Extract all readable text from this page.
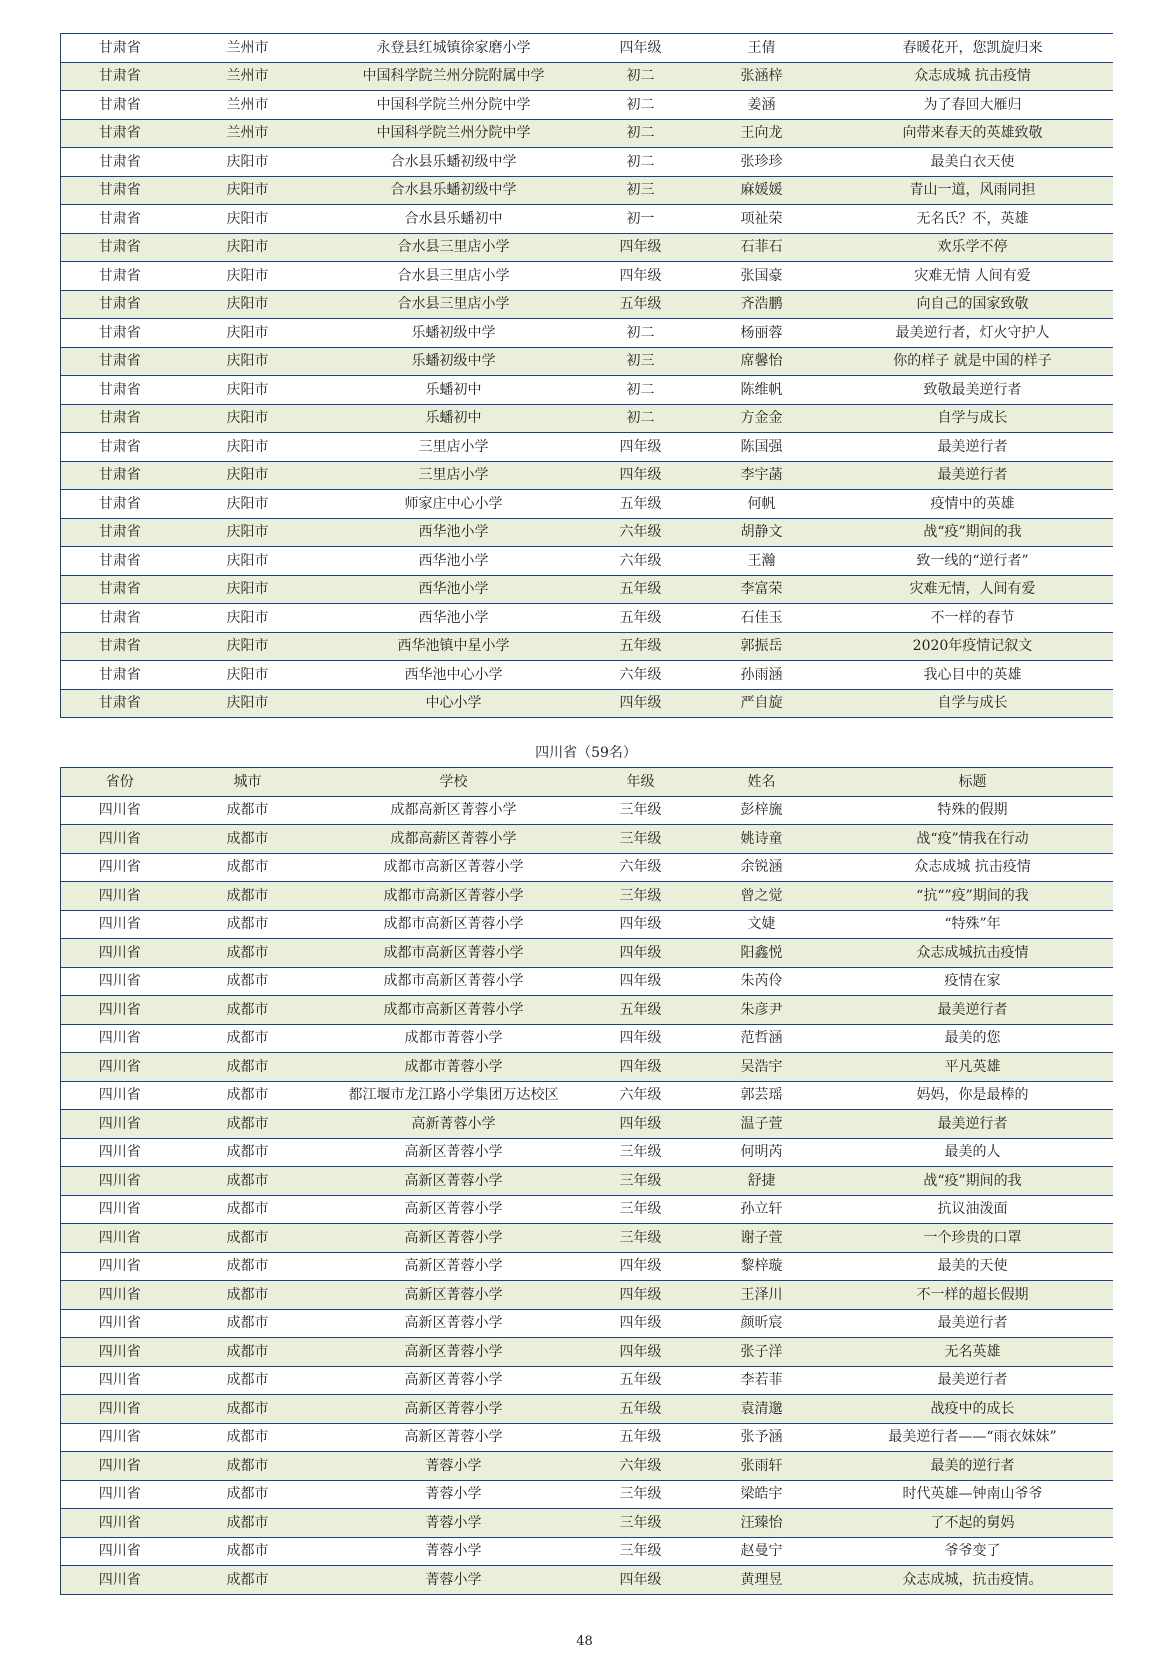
甘肃省	兰州市	永登县红城镇徐家磨小学	四年级	王倩	春暖花开，您凯旋归来
甘肃省	兰州市	中国科学院兰州分院附属中学	初二	张涵梓	众志成城 抗击疫情
甘肃省	兰州市	中国科学院兰州分院中学	初二	姜涵	为了春回大雁归
甘肃省	兰州市	中国科学院兰州分院中学	初二	王向龙	向带来春天的英雄致敬
甘肃省	庆阳市	合水县乐蟠初级中学	初二	张珍珍	最美白衣天使
甘肃省	庆阳市	合水县乐蟠初级中学	初三	麻媛媛	青山一道，风雨同担
甘肃省	庆阳市	合水县乐蟠初中	初一	项祉荣	无名氏？不，英雄
甘肃省	庆阳市	合水县三里店小学	四年级	石菲石	欢乐学不停
甘肃省	庆阳市	合水县三里店小学	四年级	张国豪	灾难无情 人间有爱
甘肃省	庆阳市	合水县三里店小学	五年级	齐浩鹏	向自己的国家致敬
甘肃省	庆阳市	乐蟠初级中学	初二	杨丽蓉	最美逆行者，灯火守护人
甘肃省	庆阳市	乐蟠初级中学	初三	席馨怡	你的样子 就是中国的样子
甘肃省	庆阳市	乐蟠初中	初二	陈维帆	致敬最美逆行者
甘肃省	庆阳市	乐蟠初中	初二	方金金	自学与成长
甘肃省	庆阳市	三里店小学	四年级	陈国强	最美逆行者
甘肃省	庆阳市	三里店小学	四年级	李宇菡	最美逆行者
甘肃省	庆阳市	师家庄中心小学	五年级	何帆	疫情中的英雄
甘肃省	庆阳市	西华池小学	六年级	胡静文	战“疫”期间的我
甘肃省	庆阳市	西华池小学	六年级	王瀚	致一线的“逆行者”
甘肃省	庆阳市	西华池小学	五年级	李富荣	灾难无情，人间有爱
甘肃省	庆阳市	西华池小学	五年级	石佳玉	不一样的春节
甘肃省	庆阳市	西华池镇中星小学	五年级	郭振岳	2020年疫情记叙文
甘肃省	庆阳市	西华池中心小学	六年级	孙雨涵	我心目中的英雄
甘肃省	庆阳市	中心小学	四年级	严自旋	自学与成长
四川省（59名）
省份	城市	学校	年级	姓名	标题
四川省	成都市	成都高新区菁蓉小学	三年级	彭梓旒	特殊的假期
四川省	成都市	成都高薪区菁蓉小学	三年级	姚诗童	战“疫”情我在行动
四川省	成都市	成都市高新区菁蓉小学	六年级	余锐涵	众志成城 抗击疫情
四川省	成都市	成都市高新区菁蓉小学	三年级	曾之觉	“抗“”疫”期间的我
四川省	成都市	成都市高新区菁蓉小学	四年级	文婕	“特殊”年
四川省	成都市	成都市高新区菁蓉小学	四年级	阳鑫悦	众志成城抗击疫情
四川省	成都市	成都市高新区菁蓉小学	四年级	朱芮伶	疫情在家
四川省	成都市	成都市高新区菁蓉小学	五年级	朱彦尹	最美逆行者
四川省	成都市	成都市菁蓉小学	四年级	范哲涵	最美的您
四川省	成都市	成都市菁蓉小学	四年级	吴浩宇	平凡英雄
四川省	成都市	都江堰市龙江路小学集团万达校区	六年级	郭芸瑶	妈妈，你是最棒的
四川省	成都市	高新菁蓉小学	四年级	温子萱	最美逆行者
四川省	成都市	高新区菁蓉小学	三年级	何明芮	最美的人
四川省	成都市	高新区菁蓉小学	三年级	舒捷	战“疫”期间的我
四川省	成都市	高新区菁蓉小学	三年级	孙立轩	抗议油泼面
四川省	成都市	高新区菁蓉小学	三年级	谢子萱	一个珍贵的口罩
四川省	成都市	高新区菁蓉小学	四年级	黎梓璇	最美的天使
四川省	成都市	高新区菁蓉小学	四年级	王泽川	不一样的超长假期
四川省	成都市	高新区菁蓉小学	四年级	颜昕宸	最美逆行者
四川省	成都市	高新区菁蓉小学	四年级	张子洋	无名英雄
四川省	成都市	高新区菁蓉小学	五年级	李若菲	最美逆行者
四川省	成都市	高新区菁蓉小学	五年级	袁清邈	战疫中的成长
四川省	成都市	高新区菁蓉小学	五年级	张予涵	最美逆行者——“雨衣妹妹”
四川省	成都市	菁蓉小学	六年级	张雨轩	最美的逆行者
四川省	成都市	菁蓉小学	三年级	梁皓宇	时代英雄—钟南山爷爷
四川省	成都市	菁蓉小学	三年级	汪臻怡	了不起的舅妈
四川省	成都市	菁蓉小学	三年级	赵曼宁	爷爷变了
四川省	成都市	菁蓉小学	四年级	黄理昱	众志成城，抗击疫情。
48
